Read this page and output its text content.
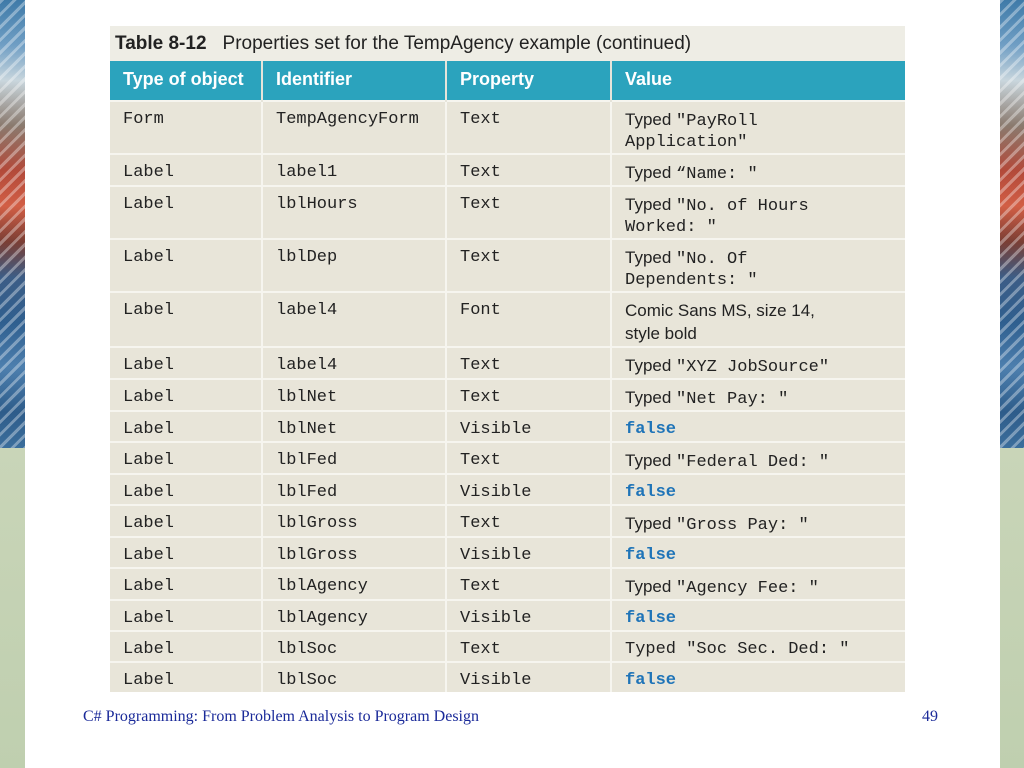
Table 8-12 Properties set for the TempAgency example (continued)
Type of object	Identifier	Property	Value
Form	TempAgencyForm	Text	Typed "PayRoll
Application"
Label	label1	Text	Typed “Name: "
Label	lblHours	Text	Typed "No. of Hours
Worked: "
Label	lblDep	Text	Typed "No. Of
Dependents: "
Label	label4	Font	Comic Sans MS, size 14,
style bold
Label	label4	Text	Typed "XYZ JobSource"
Label	lblNet	Text	Typed "Net Pay: "
Label	lblNet	Visible	false
Label	lblFed	Text	Typed "Federal Ded: "
Label	lblFed	Visible	false
Label	lblGross	Text	Typed "Gross Pay: "
Label	lblGross	Visible	false
Label	lblAgency	Text	Typed "Agency Fee: "
Label	lblAgency	Visible	false
Label	lblSoc	Text	Typed "Soc Sec. Ded: "
Label	lblSoc	Visible	false
C# Programming: From Problem Analysis to Program Design	49
